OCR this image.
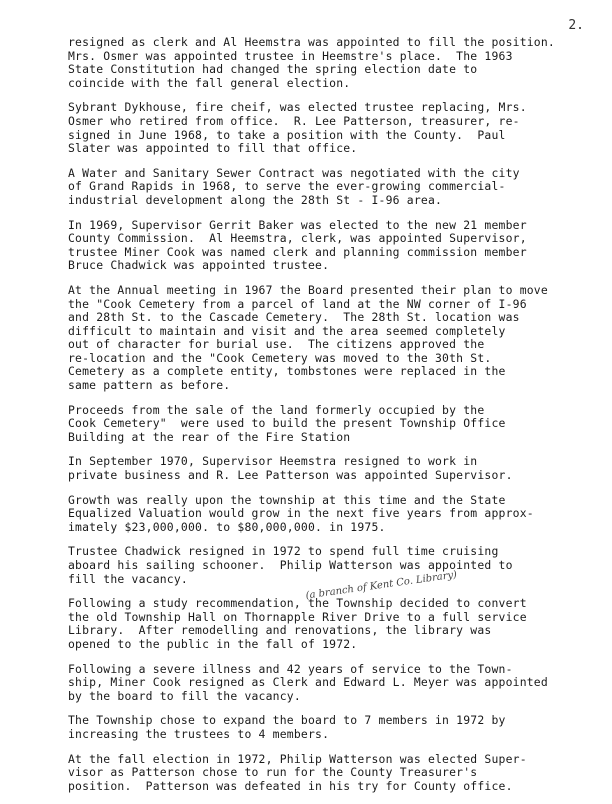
2.

resigned as clerk and Al Heemstra was appointed to fill the position.
Mrs. Osmer was appointed trustee in Heemstre's place.  The 1963
State Constitution had changed the spring election date to
coincide with the fall general election.

Sybrant Dykhouse, fire cheif, was elected trustee replacing, Mrs.
Osmer who retired from office.  R. Lee Patterson, treasurer, re-
signed in June 1968, to take a position with the County.  Paul
Slater was appointed to fill that office.

A Water and Sanitary Sewer Contract was negotiated with the city
of Grand Rapids in 1968, to serve the ever-growing commercial-
industrial development along the 28th St - I-96 area.

In 1969, Supervisor Gerrit Baker was elected to the new 21 member
County Commission.  Al Heemstra, clerk, was appointed Supervisor,
trustee Miner Cook was named clerk and planning commission member
Bruce Chadwick was appointed trustee.

At the Annual meeting in 1967 the Board presented their plan to move
the "Cook Cemetery from a parcel of land at the NW corner of I-96
and 28th St. to the Cascade Cemetery.  The 28th St. location was
difficult to maintain and visit and the area seemed completely
out of character for burial use.  The citizens approved the
re-location and the "Cook Cemetery was moved to the 30th St.
Cemetery as a complete entity, tombstones were replaced in the
same pattern as before.

Proceeds from the sale of the land formerly occupied by the
Cook Cemetery"  were used to build the present Township Office
Building at the rear of the Fire Station

In September 1970, Supervisor Heemstra resigned to work in
private business and R. Lee Patterson was appointed Supervisor.

Growth was really upon the township at this time and the State
Equalized Valuation would grow in the next five years from approx-
imately $23,000,000. to $80,000,000. in 1975.

Trustee Chadwick resigned in 1972 to spend full time cruising
aboard his sailing schooner.  Philip Watterson was appointed to
fill the vacancy.

Following a study recommendation, the Township decided to convert
the old Township Hall on Thornapple River Drive to a full service
Library.  After remodelling and renovations, the library was
opened to the public in the fall of 1972.

Following a severe illness and 42 years of service to the Town-
ship, Miner Cook resigned as Clerk and Edward L. Meyer was appointed
by the board to fill the vacancy.

The Township chose to expand the board to 7 members in 1972 by
increasing the trustees to 4 members.

At the fall election in 1972, Philip Watterson was elected Super-
visor as Patterson chose to run for the County Treasurer's
position.  Patterson was defeated in his try for County office.

(a branch of Kent Co. Library)
